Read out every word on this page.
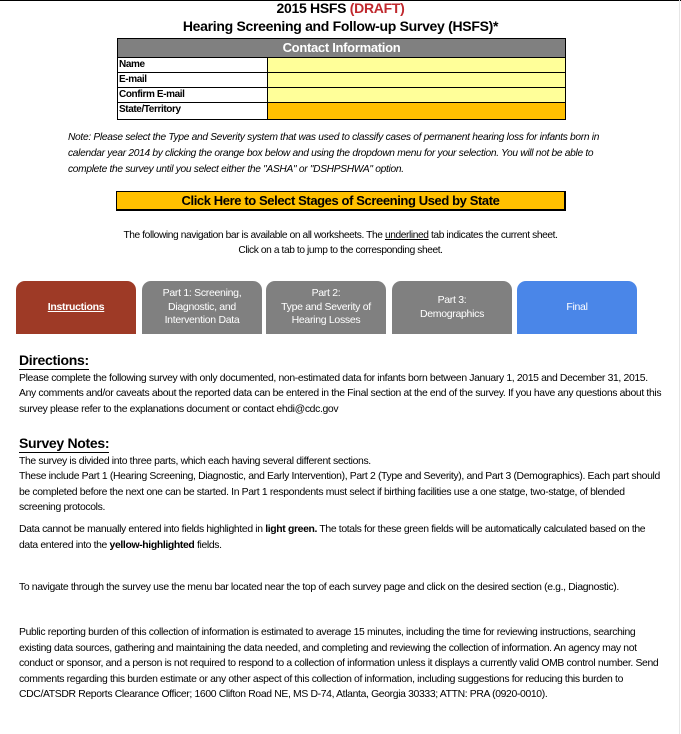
2015 HSFS (DRAFT)
Hearing Screening and Follow-up Survey (HSFS)*
Contact Information
Name
E-mail
Confirm E-mail
State/Territory
Note: Please select the Type and Severity system that was used to classify cases of permanent hearing loss for infants born in calendar year 2014 by clicking the orange box below and using the dropdown menu for your selection. You will not be able to complete the survey until you select either the "ASHA" or "DSHPSHWA" option.
Click Here to Select Stages of Screening Used by State
The following navigation bar is available on all worksheets. The underlined tab indicates the current sheet.
Click on a tab to jump to the corresponding sheet.
Instructions
Part 1: Screening,
Diagnostic, and
Intervention Data
Part 2:
Type and Severity of
Hearing Losses
Part 3:
Demographics
Final
Directions:
Please complete the following survey with only documented, non-estimated data for infants born between January 1, 2015 and December 31, 2015. Any comments and/or caveats about the reported data can be entered in the Final section at the end of the survey. If you have any questions about this survey please refer to the explanations document or contact ehdi@cdc.gov
Survey Notes:
The survey is divided into three parts, which each having several different sections.
These include Part 1 (Hearing Screening, Diagnostic, and Early Intervention), Part 2 (Type and Severity), and Part 3 (Demographics). Each part should be completed before the next one can be started. In Part 1 respondents must select if birthing facilities use a one statge, two-statge, of blended screening protocols.
Data cannot be manually entered into fields highlighted in light green. The totals for these green fields will be automatically calculated based on the data entered into the yellow-highlighted fields.
To navigate through the survey use the menu bar located near the top of each survey page and click on the desired section (e.g., Diagnostic).
Public reporting burden of this collection of information is estimated to average 15 minutes, including the time for reviewing instructions, searching existing data sources, gathering and maintaining the data needed, and completing and reviewing the collection of information. An agency may not conduct or sponsor, and a person is not required to respond to a collection of information unless it displays a currently valid OMB control number. Send comments regarding this burden estimate or any other aspect of this collection of information, including suggestions for reducing this burden to CDC/ATSDR Reports Clearance Officer; 1600 Clifton Road NE, MS D-74, Atlanta, Georgia 30333; ATTN: PRA (0920-0010).
